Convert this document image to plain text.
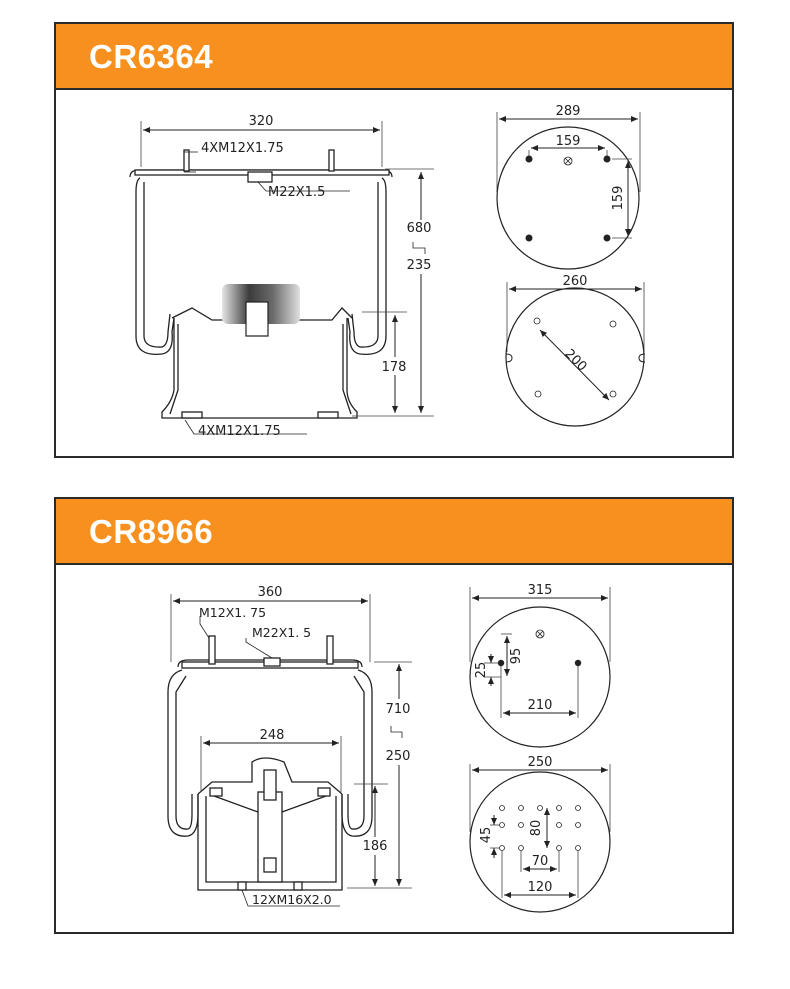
CR6364
320
4XM12X1.75
M22X1.5
680
235
178
4XM12X1.75
289
159
159
260
200
CR8966
360
M12X1. 75
M22X1. 5
248
710
250
186
12XM16X2.0
315
95
25
210
250
45	80
70
120
